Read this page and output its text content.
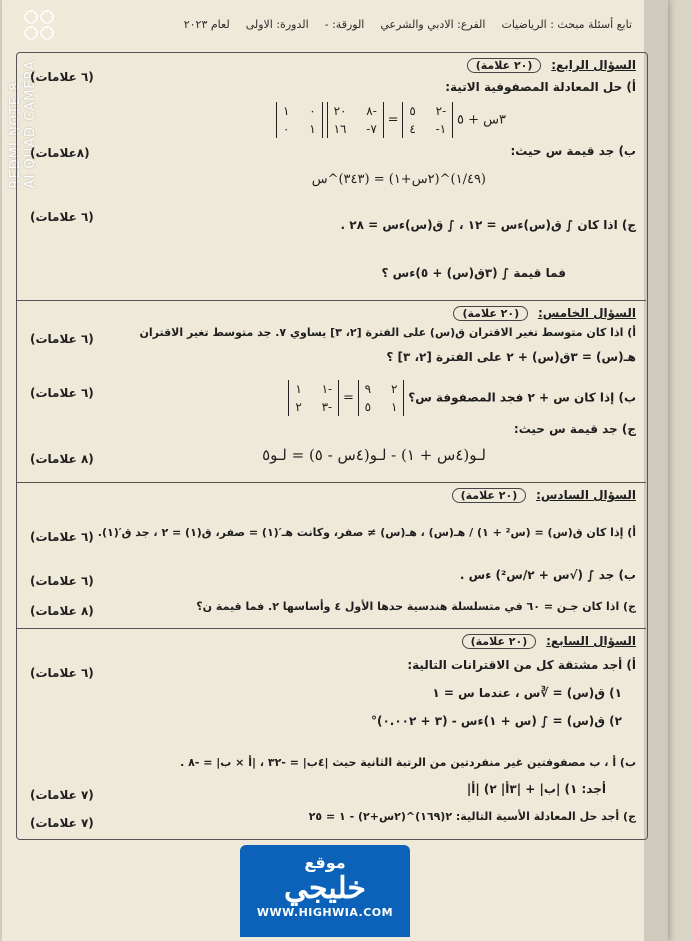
REDMI NOTE 8 AI QUAD CAMERA
تابع أسئلة مبحث : الرياضيات
الفرع: الادبي والشرعي
الورقة: -
الدورة: الاولى
لعام ٢٠٢٣
السؤال الرابع: (٢٠ علامة)
أ) حل المعادلة المصفوفية الاتية:
(٦ علامات)
٣س + ٥
٢ ٥-
١- ٤
=
٨ ٢٠-
٧- ١٦

٠ ١
١ ٠
ب) جد قيمة س حيث:
(٨علامات)
(١/٤٩)^(٢س+١) = (٣٤٣)^س
ج) اذا كان ∫ ق(س)ءس = ١٢ ، ∫ ق(س)ءس = ٢٨ .
(٦ علامات)
فما قيمة ∫ (٣ق(س) + ٥)ءس ؟
السؤال الخامس: (٢٠ علامة)
أ) اذا كان متوسط تغير الاقتران ق(س) على الفترة [٢، ٣] يساوي ٧. جد متوسط تغير الاقتران
هـ(س) = ٣ق(س) + ٢ على الفترة [٢، ٣] ؟
(٦ علامات)
ب) إذا كان س + ٢ فجد المصفوفة س؟
٢ ٩
١ ٥
=
١ ١-
٣ ٢-
(٦ علامات)
ج) جد قيمة س حيث:
لـو(٤س + ١) - لـو(٤س - ٥) = لـو٥
(٨ علامات)
السؤال السادس: (٢٠ علامة)
أ) إذا كان ق(س) = (س² + ١) / هـ(س) ، هـ(س) ≠ صفر، وكانت هـ′(١) = صفر، ق(١) = ٢ ، جد ق′(١).
(٦ علامات)
ب) جد ∫ (√س + ٢/س²) ءس .
(٦ علامات)
ج) اذا كان جـن = ٦٠ في متسلسلة هندسية حدها الأول ٤ وأساسها ٢. فما قيمة ن؟
(٨ علامات)
السؤال السابع: (٢٠ علامة)
أ) أجد مشتقة كل من الاقترانات التالية:
(٦ علامات)
١) ق(س) = ∛س ، عندما س = ١
٢) ق(س) = ∫ (س + ١)ءس - (٣ + ٠.٠٠٢)°
ب) أ ، ب مصفوفتين غير منفردتين من الرتبة الثانية حيث |٤ب| = -٣٢ ، |أ × ب| = -٨ .
أجد: ١) |ب| + |٣أ| ٢) |أ|
(٧ علامات)
ج) أجد حل المعادلة الأسية التالية: ٢(١٦٩)^(٢س+٢) - ١ = ٢٥
(٧ علامات)
موقع
خليجي
WWW.HIGHWIA.COM
